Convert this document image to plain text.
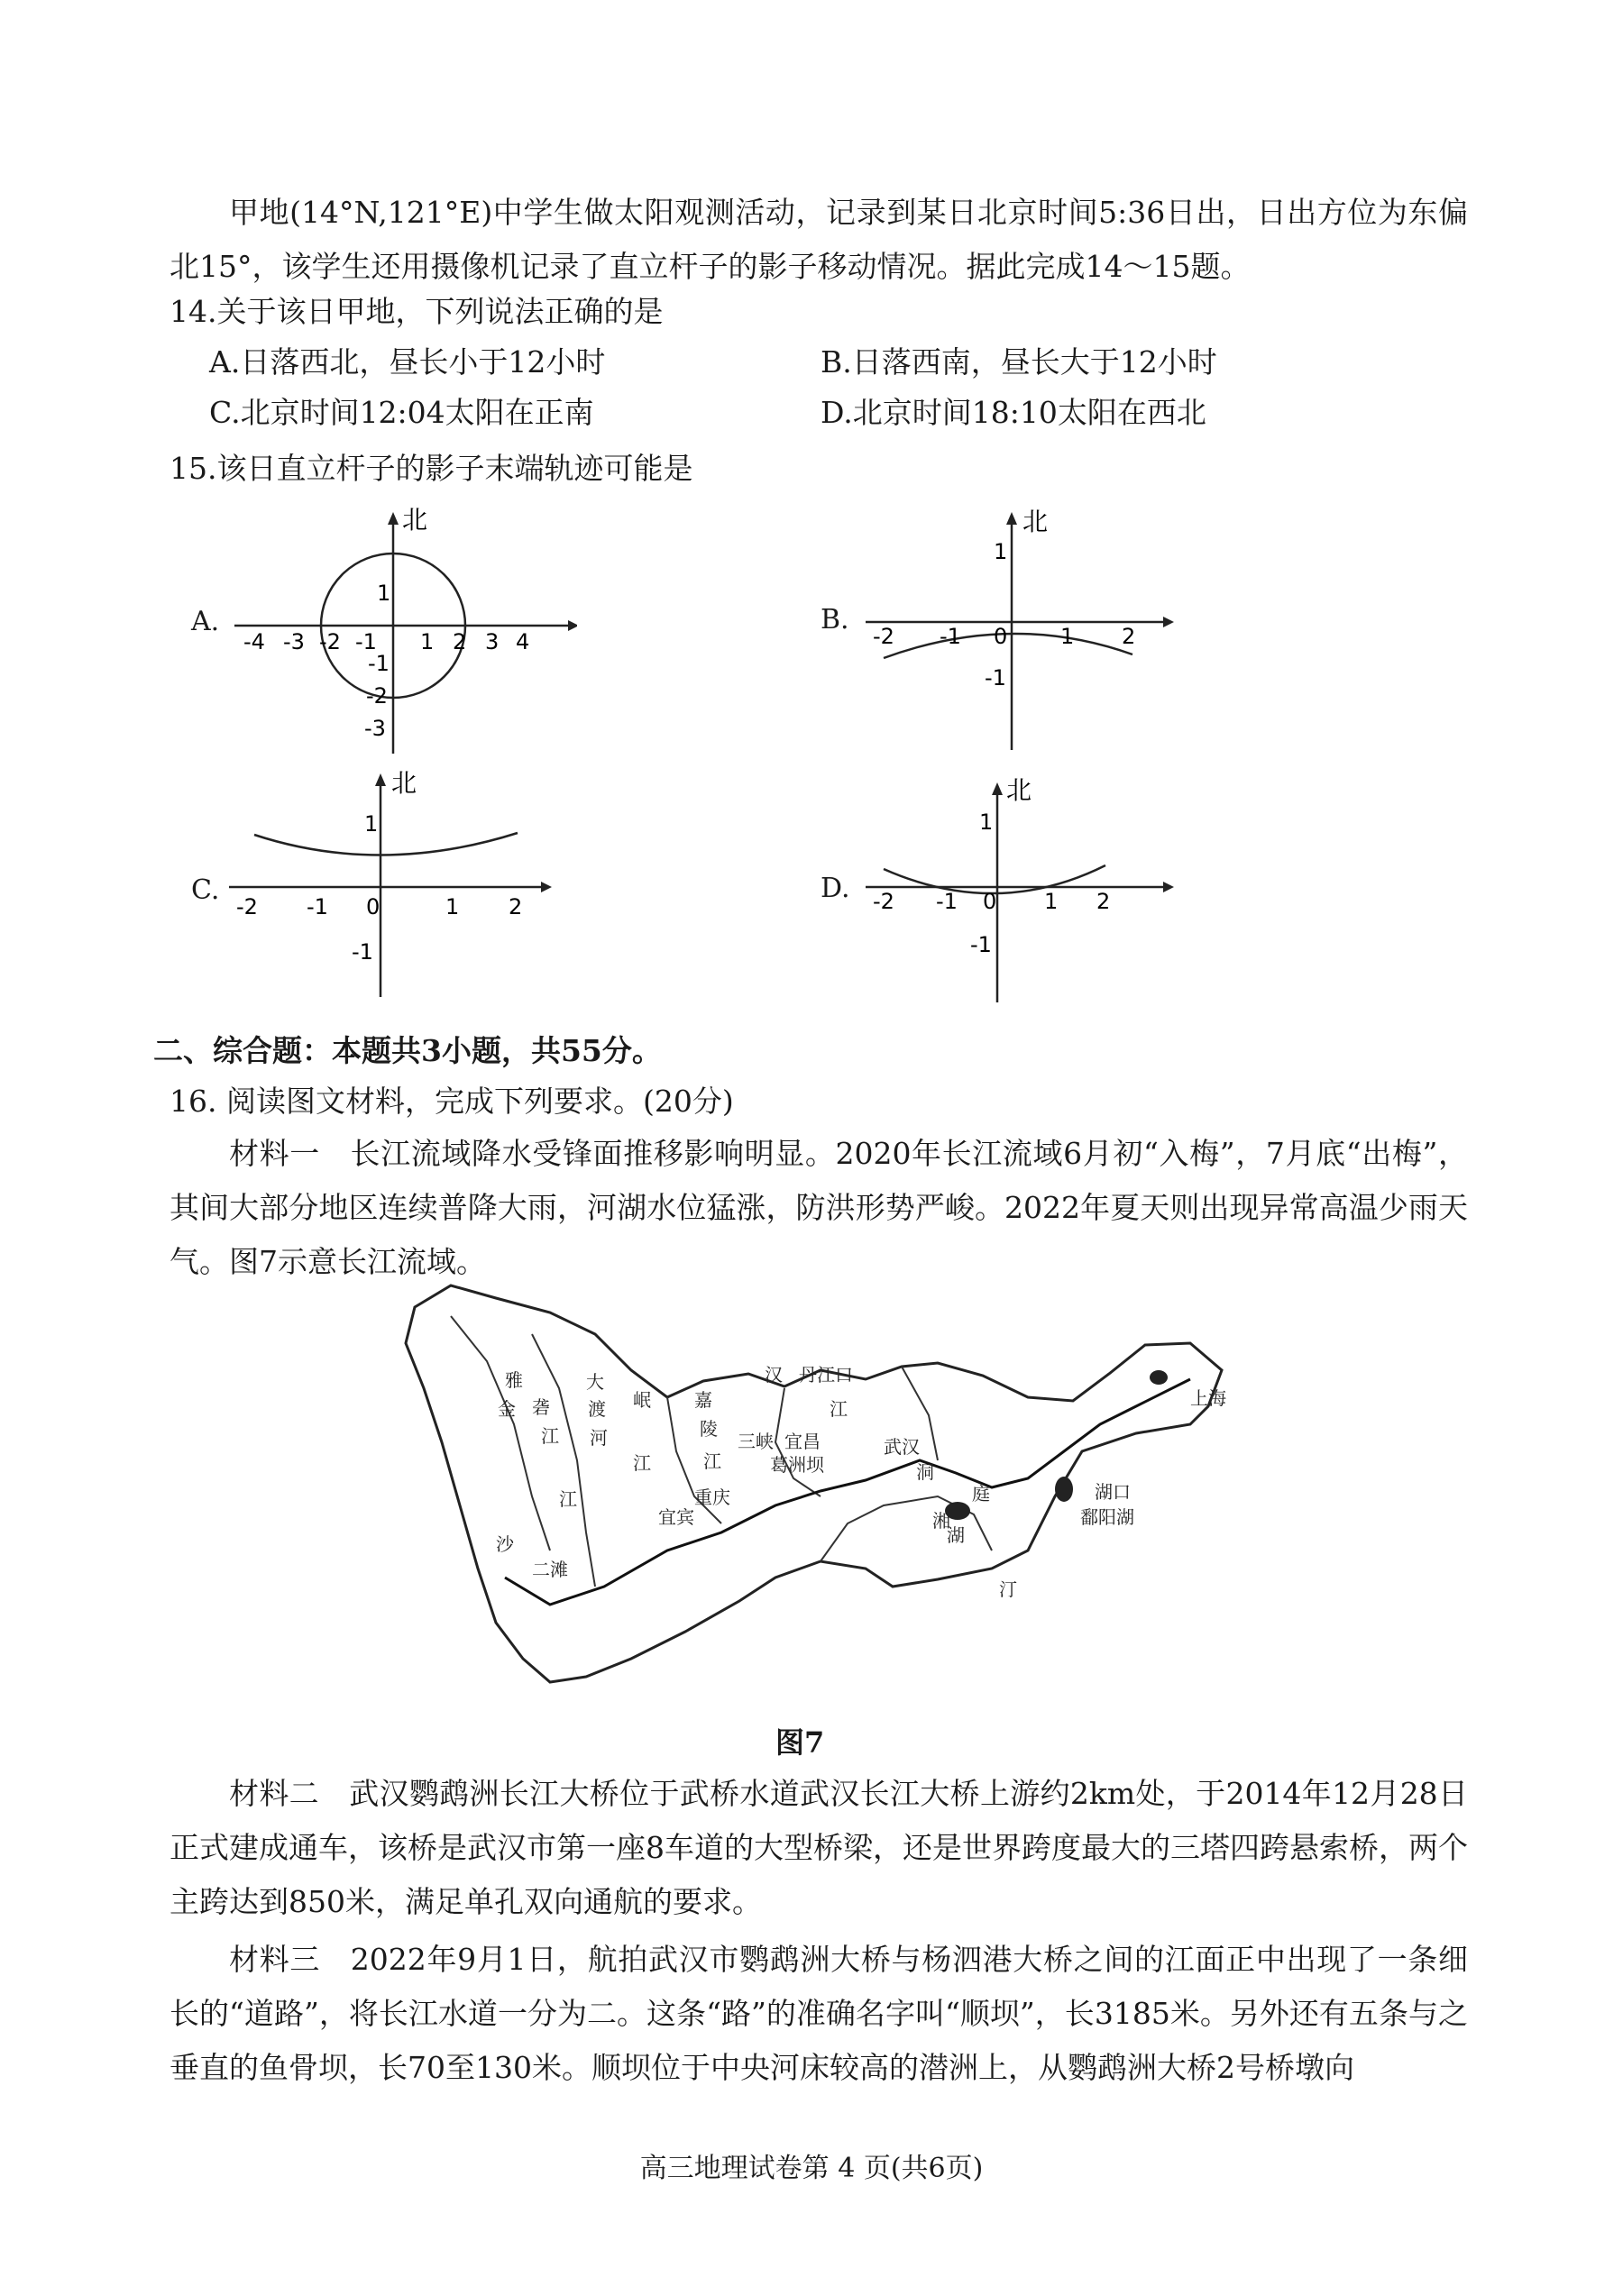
甲地(14°N,121°E)中学生做太阳观测活动，记录到某日北京时间5:36日出，日出方位为东偏北15°，该学生还用摄像机记录了直立杆子的影子移动情况。据此完成14～15题。
14.关于该日甲地，下列说法正确的是
A.日落西北，昼长小于12小时	B.日落西南，昼长大于12小时
C.北京时间12:04太阳在正南	D.北京时间18:10太阳在西北
15.该日直立杆子的影子末端轨迹可能是
A.
北
-4 -3 -2 -1 1 2 3 4
1
-1
-2
-3
B.
北
-2 -1 0 1 2
1
-1
C.
北
-2 -1 0	1 2
1
-1
D.
北
-2 -1 0 1 2
1
-1
二、综合题：本题共3小题，共55分。
16. 阅读图文材料，完成下列要求。(20分)
材料一　长江流域降水受锋面推移影响明显。2020年长江流域6月初“入梅”，7月底“出梅”，其间大部分地区连续普降大雨，河湖水位猛涨，防洪形势严峻。2022年夏天则出现异常高温少雨天气。图7示意长江流域。
雅
砻
江
金
沙
江
大
渡
河
岷
江
嘉
陵
江
汉
江
丹江口
三峡 宜昌
葛洲坝
武汉
洞
庭
湖
湘
汀
鄱阳湖
湖口
上海
重庆
宜宾
二滩
图7
材料二　武汉鹦鹉洲长江大桥位于武桥水道武汉长江大桥上游约2km处，于2014年12月28日正式建成通车，该桥是武汉市第一座8车道的大型桥梁，还是世界跨度最大的三塔四跨悬索桥，两个主跨达到850米，满足单孔双向通航的要求。
材料三　2022年9月1日，航拍武汉市鹦鹉洲大桥与杨泗港大桥之间的江面正中出现了一条细长的“道路”，将长江水道一分为二。这条“路”的准确名字叫“顺坝”，长3185米。另外还有五条与之垂直的鱼骨坝，长70至130米。顺坝位于中央河床较高的潜洲上，从鹦鹉洲大桥2号桥墩向
高三地理试卷第 4 页(共6页)
